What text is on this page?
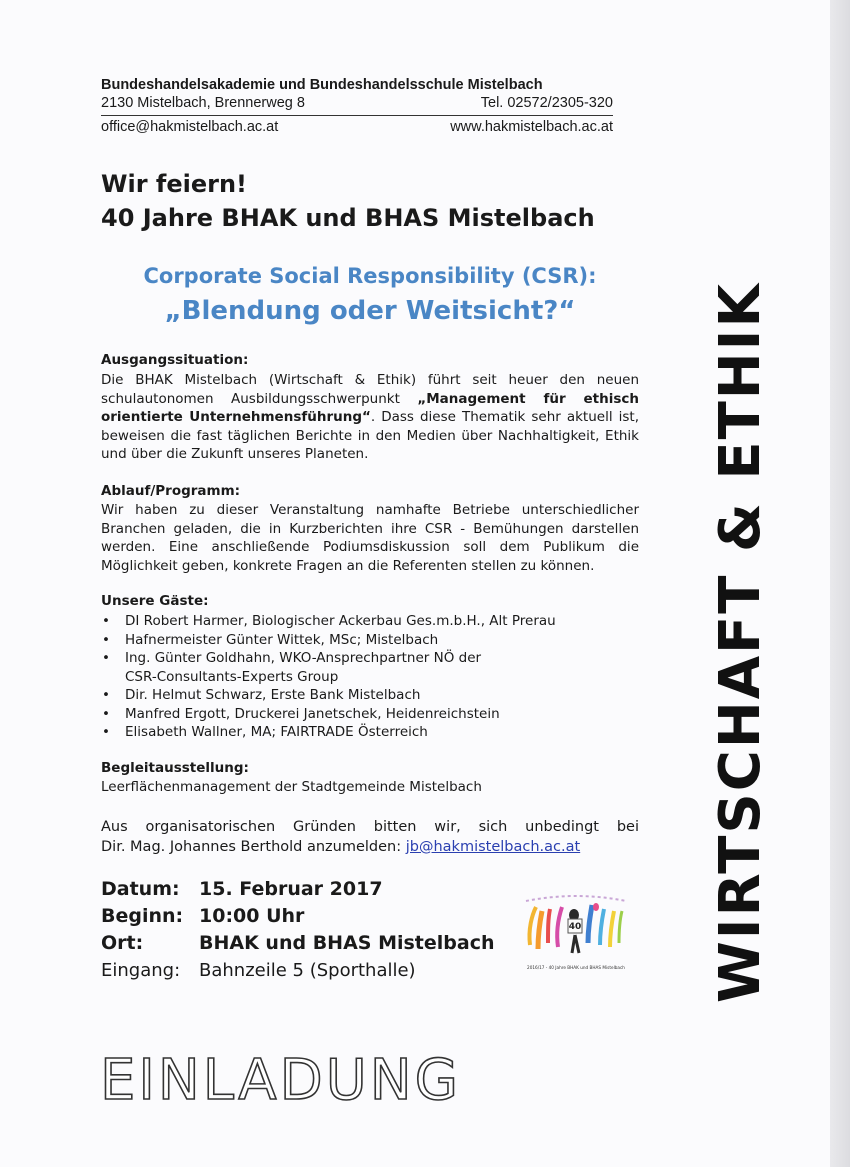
Bundeshandelsakademie und Bundeshandelsschule Mistelbach
2130 Mistelbach, Brennerweg 8	Tel. 02572/2305-320
office@hakmistelbach.ac.at	www.hakmistelbach.ac.at
Wir feiern!
40 Jahre BHAK und BHAS Mistelbach
Corporate Social Responsibility (CSR):
„Blendung oder Weitsicht?“
Ausgangssituation:
Die BHAK Mistelbach (Wirtschaft & Ethik) führt seit heuer den neuen schulautonomen Ausbildungsschwerpunkt „Management für ethisch orientierte Unternehmensführung“. Dass diese Thematik sehr aktuell ist, beweisen die fast täglichen Berichte in den Medien über Nachhaltigkeit, Ethik und über die Zukunft unseres Planeten.
Ablauf/Programm:
Wir haben zu dieser Veranstaltung namhafte Betriebe unterschiedlicher Branchen geladen, die in Kurzberichten ihre CSR - Bemühungen darstellen werden. Eine anschließende Podiumsdiskussion soll dem Publikum die Möglichkeit geben, konkrete Fragen an die Referenten stellen zu können.
Unsere Gäste:
• DI Robert Harmer, Biologischer Ackerbau Ges.m.b.H., Alt Prerau
• Hafnermeister Günter Wittek, MSc; Mistelbach
• Ing. Günter Goldhahn, WKO-Ansprechpartner NÖ der
CSR-Consultants-Experts Group
• Dir. Helmut Schwarz, Erste Bank Mistelbach
• Manfred Ergott, Druckerei Janetschek, Heidenreichstein
• Elisabeth Wallner, MA; FAIRTRADE Österreich
Begleitausstellung:
Leerflächenmanagement der Stadtgemeinde Mistelbach
Aus organisatorischen Gründen bitten wir, sich unbedingt bei
Dir. Mag. Johannes Berthold anzumelden: jb@hakmistelbach.ac.at
Datum:	15. Februar 2017
Beginn: 10:00 Uhr
Ort:	BHAK und BHAS Mistelbach
Eingang:	Bahnzeile 5 (Sporthalle)
40
2016/17 - 40 Jahre BHAK und BHAS Mistelbach WIRTSCHAFT & ETHIK
EINLADUNG
